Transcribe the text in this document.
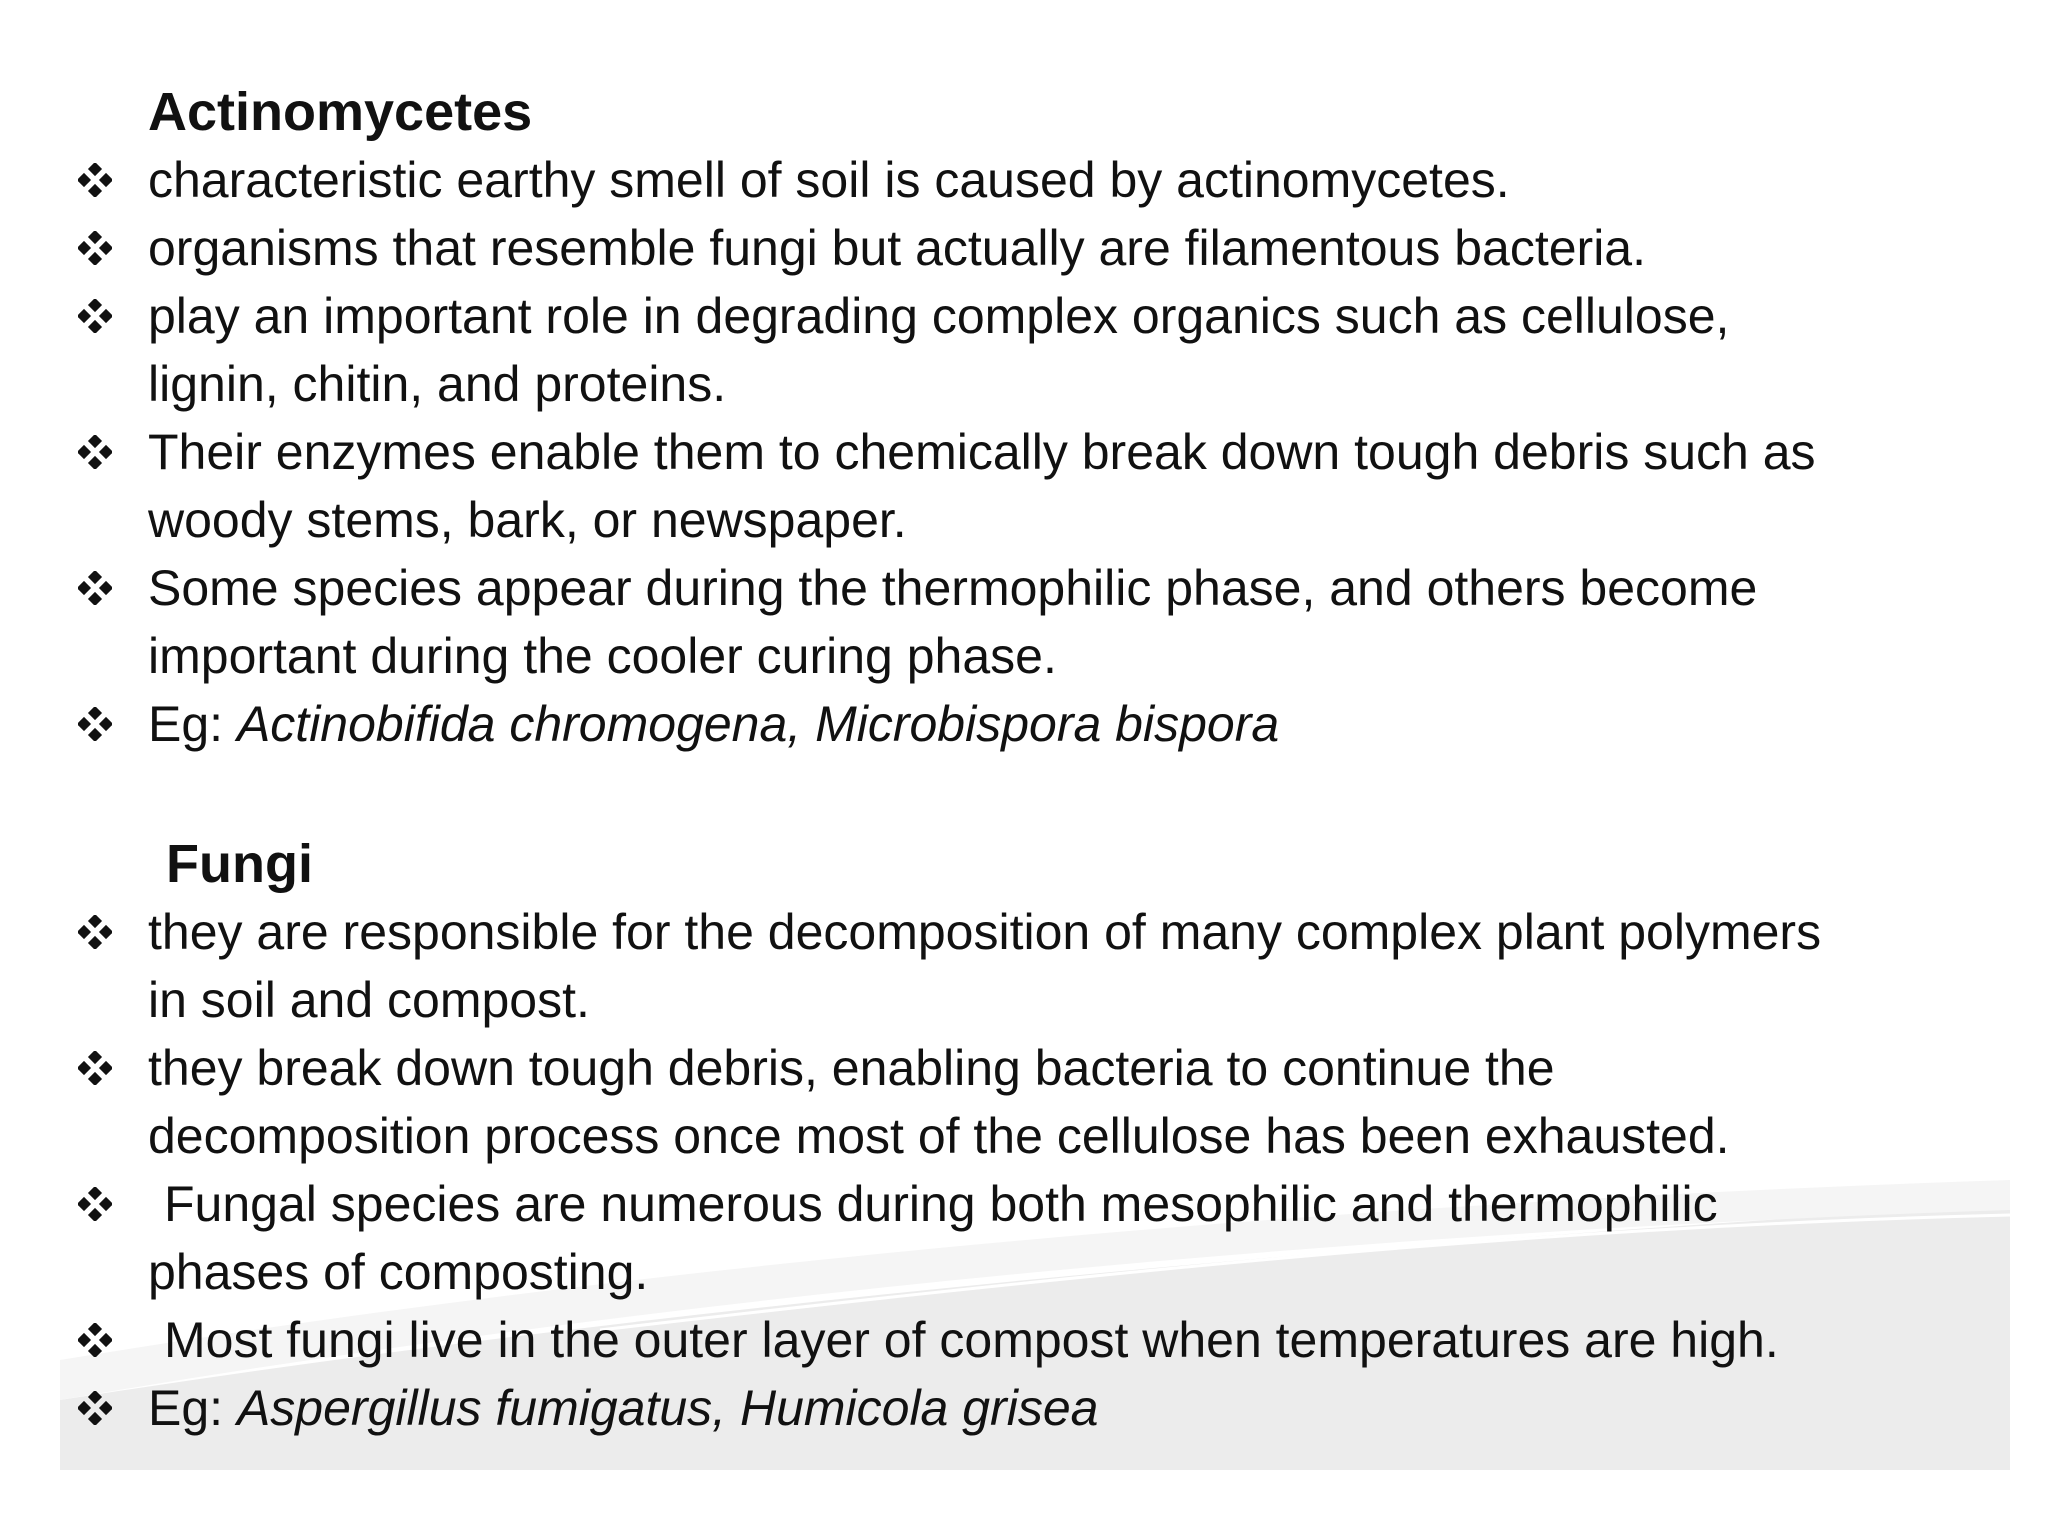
Actinomycetes
characteristic earthy smell of soil is caused by actinomycetes.
organisms that resemble fungi but actually are filamentous bacteria.
play an important role in degrading complex organics such as cellulose,
lignin, chitin, and proteins.
Their enzymes enable them to chemically break down tough debris such as
woody stems, bark, or newspaper.
Some species appear during the thermophilic phase, and others become
important during the cooler curing phase.
Eg: Actinobifida chromogena, Microbispora bispora
Fungi
they are responsible for the decomposition of many complex plant polymers
in soil and compost.
they break down tough debris, enabling bacteria to continue the
decomposition process once most of the cellulose has been exhausted.
Fungal species are numerous during both mesophilic and thermophilic
phases of composting.
Most fungi live in the outer layer of compost when temperatures are high.
Eg: Aspergillus fumigatus, Humicola grisea
